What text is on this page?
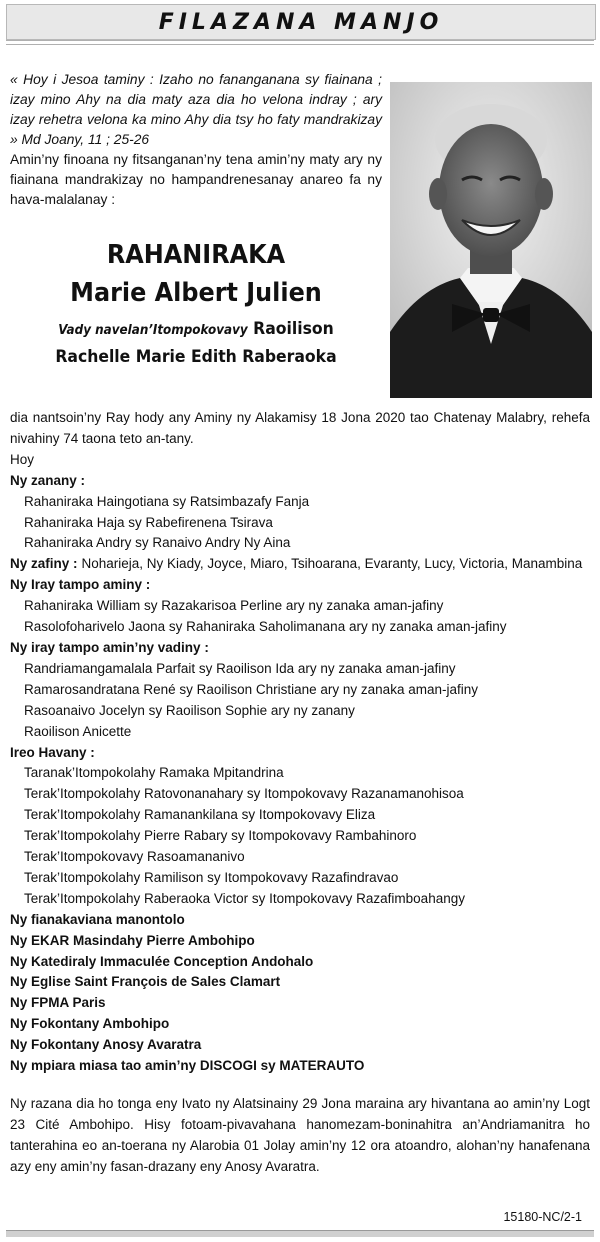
FILAZANA MANJO

« Hoy i Jesoa taminy : Izaho no fananganana sy fiainana ; izay mino Ahy na dia maty aza dia ho velona indray ; ary izay rehetra velona ka mino Ahy dia tsy ho faty mandrakizay » Md Joany, 11 ; 25-26

Amin’ny finoana ny fitsanganan’ny tena amin’ny maty ary ny fiainana mandrakizay no hampandrenesanay anareo fa ny hava-malalanay :

RAHANIRAKA
Marie Albert Julien
Vady navelan’Itompokovavy Raoilison
Rachelle Marie Edith Raberaoka

dia nantsoin’ny Ray hody any Aminy ny Alakamisy 18 Jona 2020 tao Chatenay Malabry, rehefa nivahiny 74 taona teto an-tany.

Hoy

Ny zanany :

Rahaniraka Haingotiana sy Ratsimbazafy Fanja

Rahaniraka Haja sy Rabefirenena Tsirava

Rahaniraka Andry sy Ranaivo Andry Ny Aina

Ny zafiny : Noharieja, Ny Kiady, Joyce, Miaro, Tsihoarana, Evaranty, Lucy, Victoria, Manambina

Ny Iray tampo aminy :

Rahaniraka William sy Razakarisoa Perline ary ny zanaka aman-jafiny

Rasolofoharivelo Jaona sy Rahaniraka Saholimanana ary ny zanaka aman-jafiny

Ny iray tampo amin’ny vadiny :

Randriamangamalala Parfait sy Raoilison Ida ary ny zanaka aman-jafiny

Ramarosandratana René sy Raoilison Christiane ary ny zanaka aman-jafiny

Rasoanaivo Jocelyn sy Raoilison Sophie ary ny zanany

Raoilison Anicette

Ireo Havany :

Taranak’Itompokolahy Ramaka Mpitandrina

Terak’Itompokolahy Ratovonanahary sy Itompokovavy Razanamanohisoa

Terak’Itompokolahy Ramanankilana sy Itompokovavy Eliza

Terak’Itompokolahy Pierre Rabary sy Itompokovavy Rambahinoro

Terak’Itompokovavy Rasoamananivo

Terak’Itompokolahy Ramilison sy Itompokovavy Razafindravao

Terak’Itompokolahy Raberaoka Victor sy Itompokovavy Razafimboahangy

Ny fianakaviana manontolo

Ny EKAR Masindahy Pierre Ambohipo

Ny Katediraly Immaculée Conception Andohalo

Ny Eglise Saint François de Sales Clamart

Ny FPMA Paris

Ny Fokontany Ambohipo

Ny Fokontany Anosy Avaratra

Ny mpiara miasa tao amin’ny DISCOGI sy MATERAUTO

Ny razana dia ho tonga eny Ivato ny Alatsinainy 29 Jona maraina ary hivantana ao amin’ny Logt 23 Cité Ambohipo. Hisy fotoam-pivavahana hanomezam-boninahitra an’Andriamanitra ho tanterahina eo an-toerana ny Alarobia 01 Jolay amin’ny 12 ora atoandro, alohan’ny hanafenana azy eny amin’ny fasan-drazany eny Anosy Avaratra.

15180-NC/2-1
